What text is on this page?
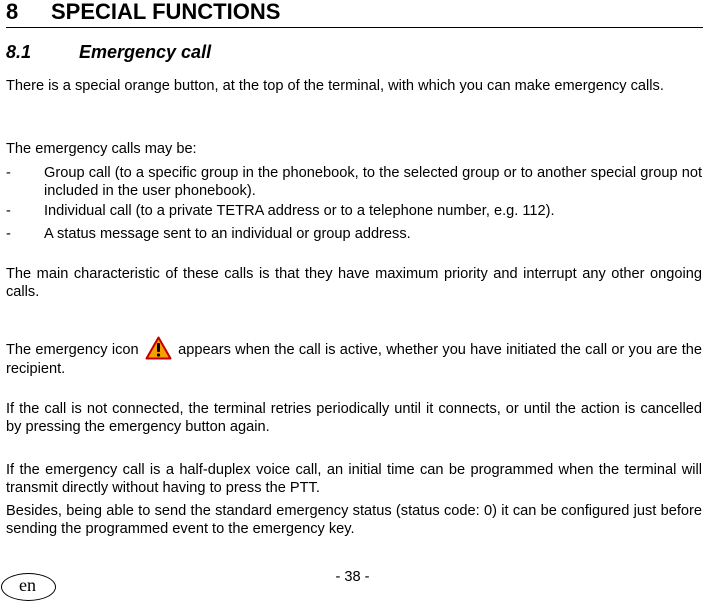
8 SPECIAL FUNCTIONS
8.1	Emergency call
There is a special orange button, at the top of the terminal, with which you can make emergency calls.
The emergency calls may be:
- Group call (to a specific group in the phonebook, to the selected group or to another special group not included in the user phonebook).
- Individual call (to a private TETRA address or to a telephone number, e.g. 112).
- A status message sent to an individual or group address.
The main characteristic of these calls is that they have maximum priority and interrupt any other ongoing calls.
The emergency icon	appears when the call is active, whether you have initiated the call or you are the recipient.
If the call is not connected, the terminal retries periodically until it connects, or until the action is cancelled by pressing the emergency button again.
If the emergency call is a half-duplex voice call, an initial time can be programmed when the terminal will transmit directly without having to press the PTT.
Besides, being able to send the standard emergency status (status code: 0) it can be configured just before sending the programmed event to the emergency key.
- 38 -
en
